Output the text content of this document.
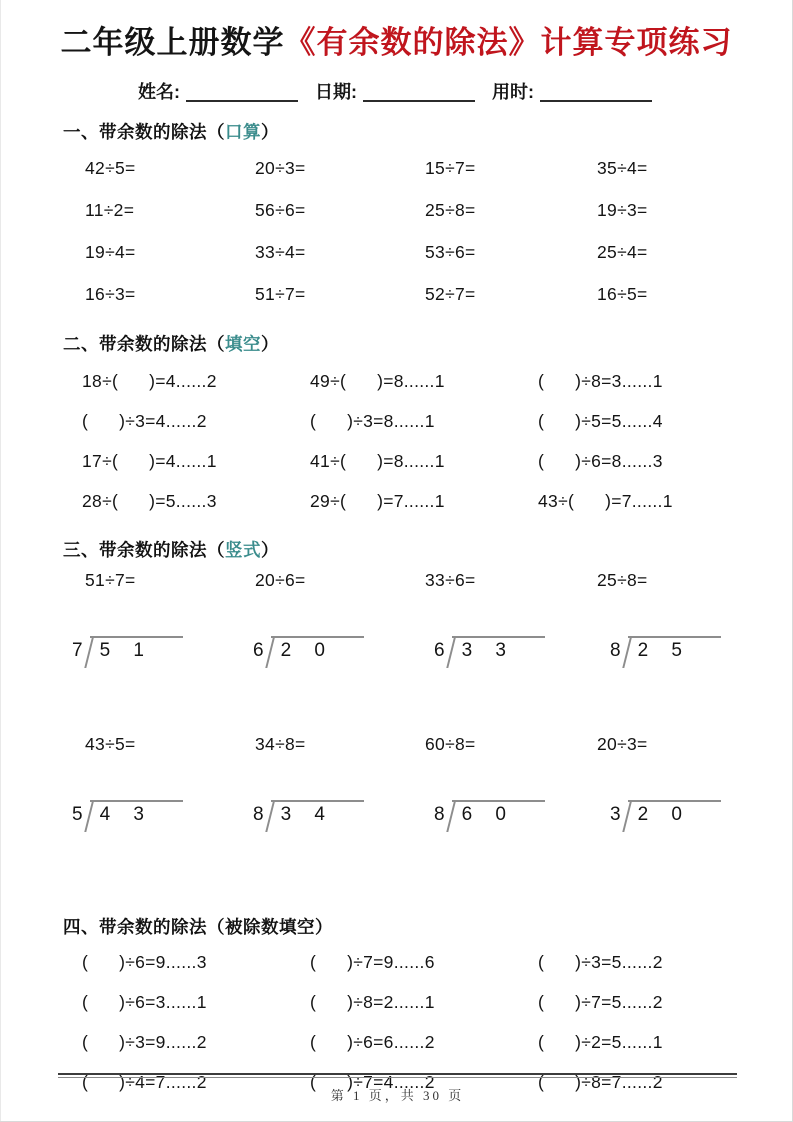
二年级上册数学《有余数的除法》计算专项练习
姓名:	日期:	用时:
一、带余数的除法（口算）
42÷5=	20÷3=	15÷7=	35÷4=
11÷2=	56÷6=	25÷8=	19÷3=
19÷4=	33÷4=	53÷6=	25÷4=
16÷3=	51÷7=	52÷7=	16÷5=
二、带余数的除法（填空）
18÷(      )=4......2	49÷(      )=8......1	(      )÷8=3......1
(      )÷3=4......2	(      )÷3=8......1	(      )÷5=5......4
17÷(      )=4......1	41÷(      )=8......1	(      )÷6=8......3
28÷(      )=5......3	29÷(      )=7......1	43÷(      )=7......1
三、带余数的除法（竖式）
51÷7=	20÷6=	33÷6=	25÷8=
7 5 1	6 2 0	6 3 3	8 2 5
43÷5=	34÷8=	60÷8=	20÷3=
5 4 3	8 3 4	8 6 0	3 2 0
四、带余数的除法（被除数填空）
(      )÷6=9......3	(      )÷7=9......6	(      )÷3=5......2
(      )÷6=3......1	(      )÷8=2......1	(      )÷7=5......2
(      )÷3=9......2	(      )÷6=6......2	(      )÷2=5......1
(      )÷4=7......2	(      )÷7=4......2	(      )÷8=7......2
第 1 页，共 30 页
